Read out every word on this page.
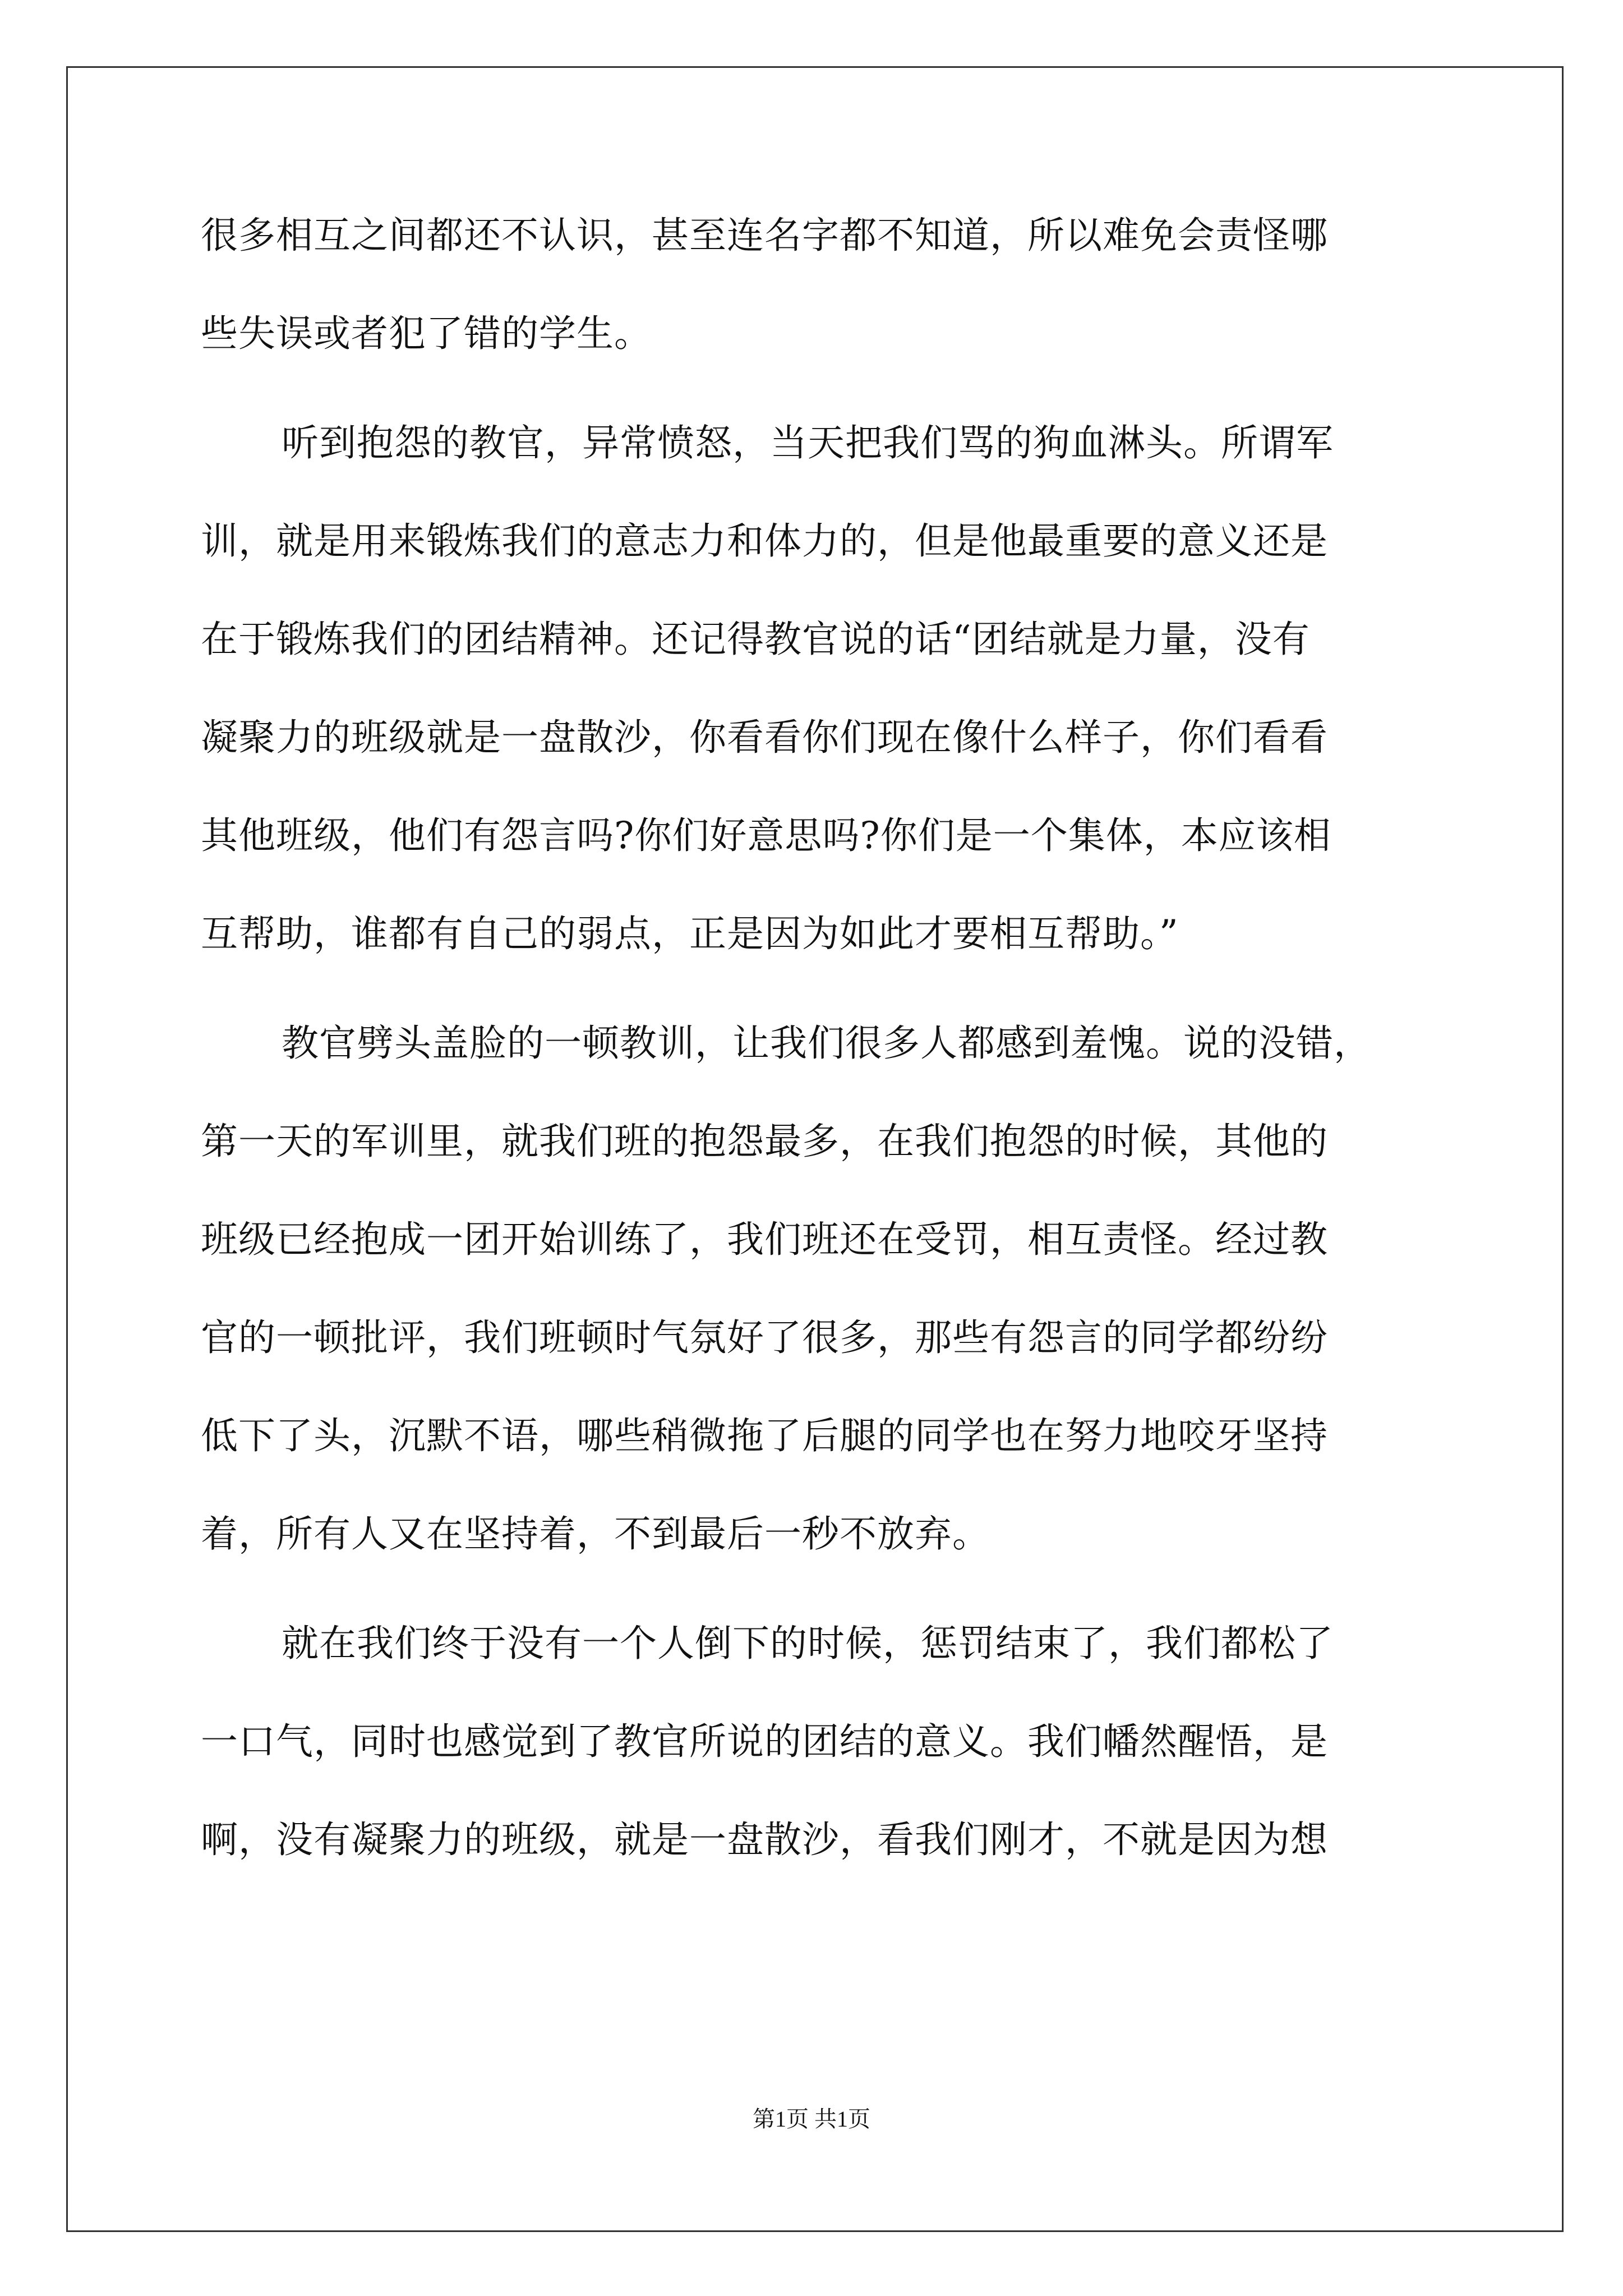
很多相互之间都还不认识，甚至连名字都不知道，所以难免会责怪哪
些失误或者犯了错的学生。
听到抱怨的教官，异常愤怒，当天把我们骂的狗血淋头。所谓军
训，就是用来锻炼我们的意志力和体力的，但是他最重要的意义还是
在于锻炼我们的团结精神。还记得教官说的话“团结就是力量，没有
凝聚力的班级就是一盘散沙，你看看你们现在像什么样子，你们看看
其他班级，他们有怨言吗?你们好意思吗?你们是一个集体，本应该相
互帮助，谁都有自己的弱点，正是因为如此才要相互帮助。”
教官劈头盖脸的一顿教训，让我们很多人都感到羞愧。说的没错，
第一天的军训里，就我们班的抱怨最多，在我们抱怨的时候，其他的
班级已经抱成一团开始训练了，我们班还在受罚，相互责怪。经过教
官的一顿批评，我们班顿时气氛好了很多，那些有怨言的同学都纷纷
低下了头，沉默不语，哪些稍微拖了后腿的同学也在努力地咬牙坚持
着，所有人又在坚持着，不到最后一秒不放弃。
就在我们终于没有一个人倒下的时候，惩罚结束了，我们都松了
一口气，同时也感觉到了教官所说的团结的意义。我们幡然醒悟，是
啊，没有凝聚力的班级，就是一盘散沙，看我们刚才，不就是因为想
第1页 共1页
